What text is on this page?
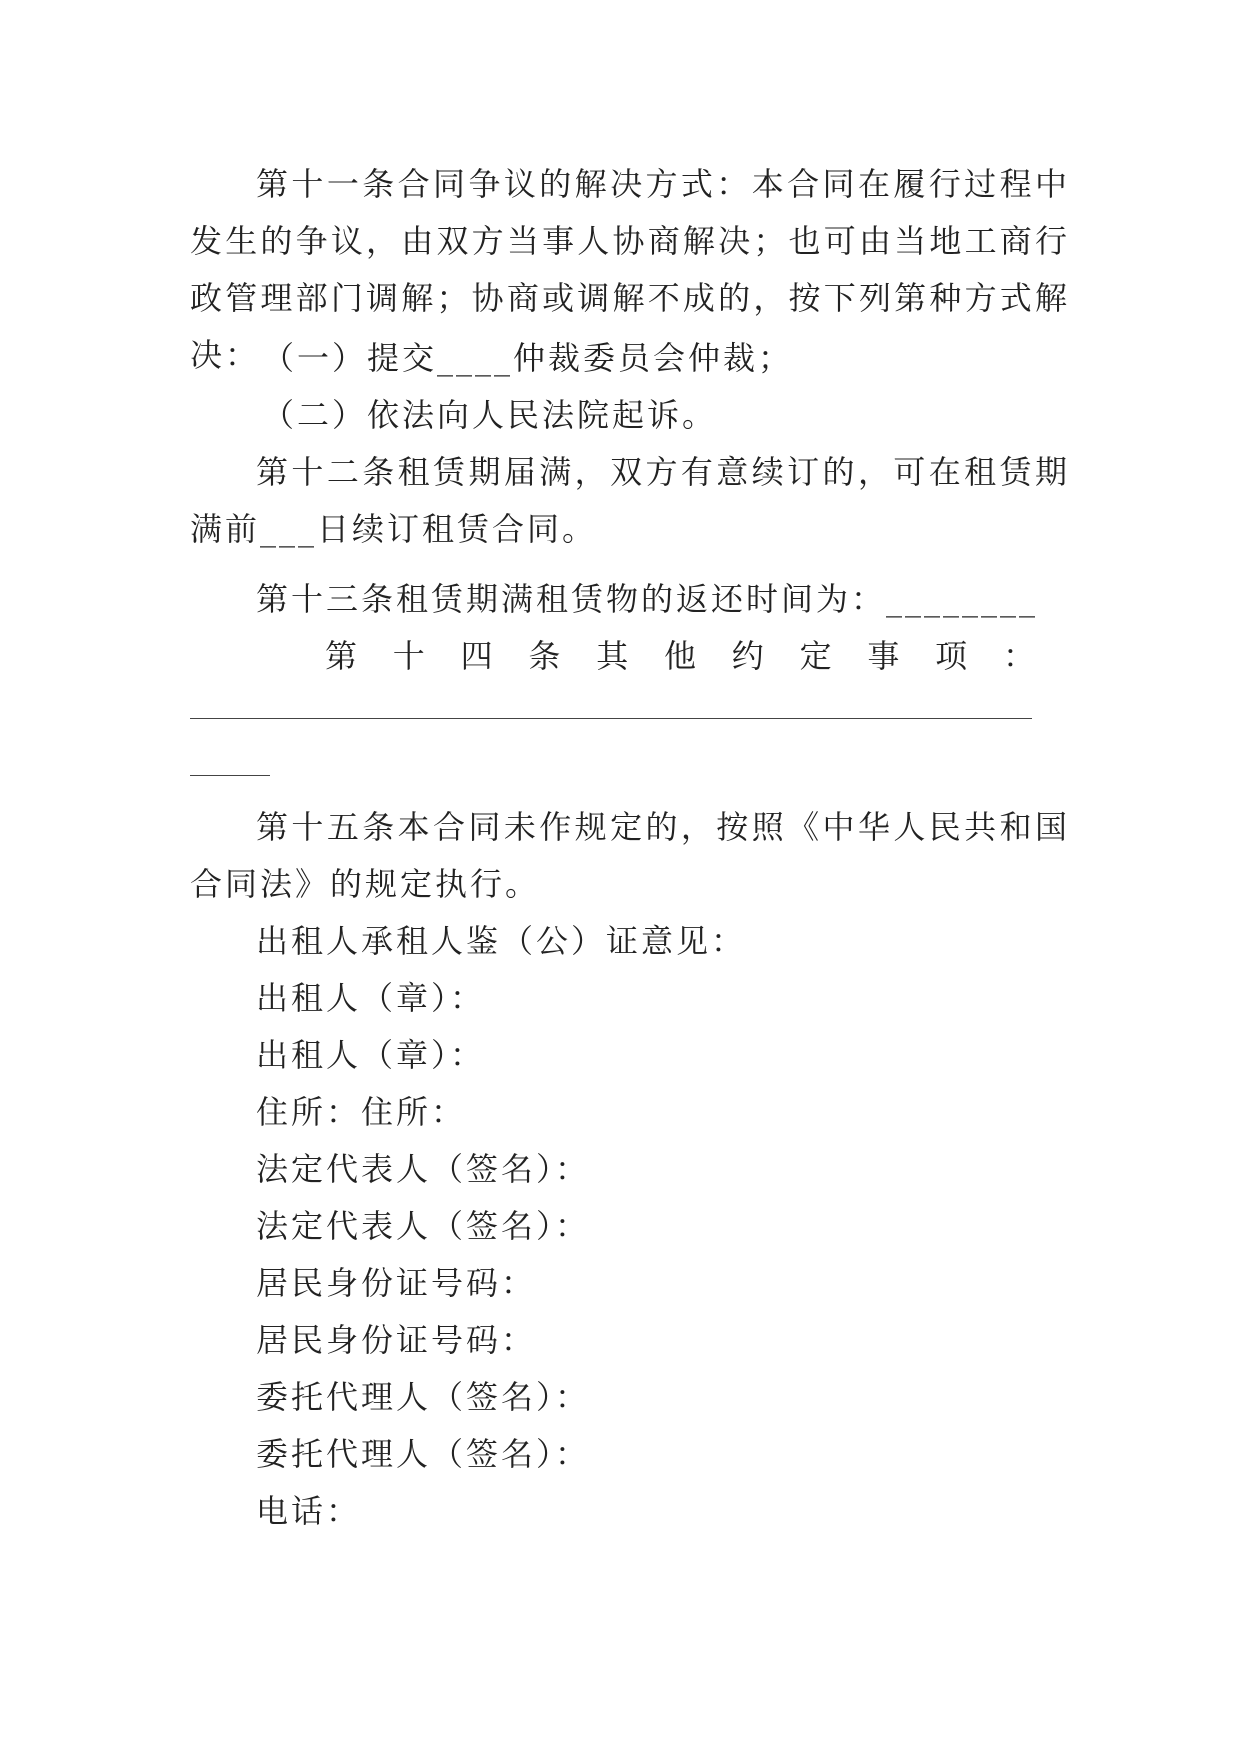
第十一条合同争议的解决方式：本合同在履行过程中发生的争议，由双方当事人协商解决；也可由当地工商行政管理部门调解；协商或调解不成的，按下列第种方式解决： （一）提交____仲裁委员会仲裁；

（二）依法向人民法院起诉。

第十二条租赁期届满，双方有意续订的，可在租赁期满前___日续订租赁合同。

第十三条租赁期满租赁物的返还时间为：________

第 十 四 条 其 他 约 定 事 项 ：

第十五条本合同未作规定的，按照《中华人民共和国合同法》的规定执行。

出租人承租人鉴（公）证意见：

出租人（章）：

出租人（章）：

住所：住所：

法定代表人（签名）：

法定代表人（签名）：

居民身份证号码：

居民身份证号码：

委托代理人（签名）：

委托代理人（签名）：

电话：
